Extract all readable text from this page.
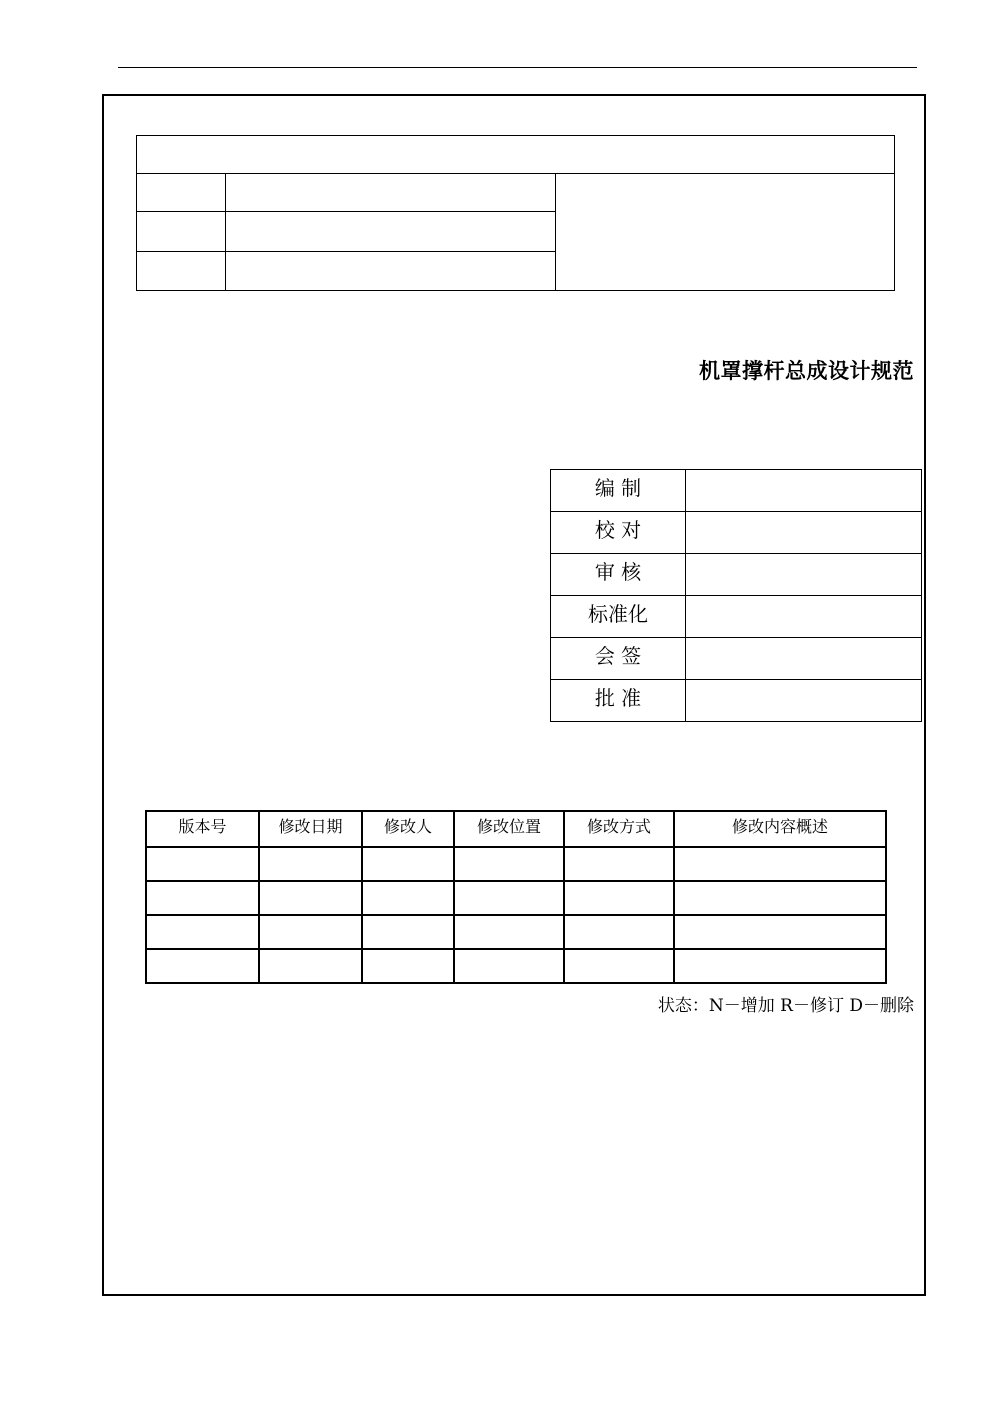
机罩撑杆总成设计规范
编 制	
校 对	
审 核	
标准化	
会 签	
批 准	
版本号	修改日期	修改人	修改位置	修改方式	修改内容概述

状态：N－增加 R－修订 D－删除
